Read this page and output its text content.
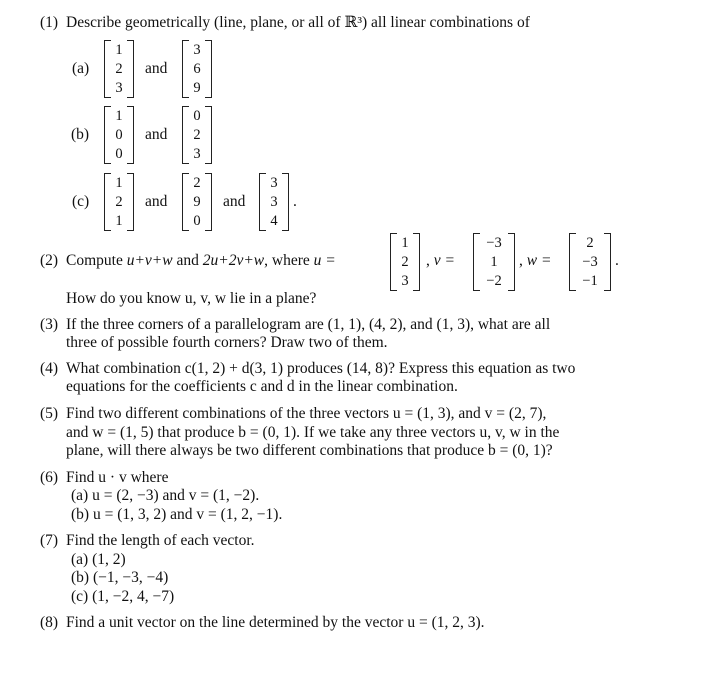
(1) Describe geometrically (line, plane, or all of ℝ³) all linear combinations of
(a)
1
2
3
and
3
6
9
(b)
1
0
0
and
0
2
3
(c)
1
2
1
and
2
9
0
and
3
3
4
.
(2) Compute u+v+w and 2u+2v+w, where u =
1
2
3
, v =
−3
1
−2
, w =
2
−3
−1
.
How do you know u, v, w lie in a plane?
(3) If the three corners of a parallelogram are (1, 1), (4, 2), and (1, 3), what are all
three of possible fourth corners? Draw two of them.
(4) What combination c(1, 2) + d(3, 1) produces (14, 8)? Express this equation as two
equations for the coefficients c and d in the linear combination.
(5) Find two different combinations of the three vectors u = (1, 3), and v = (2, 7),
and w = (1, 5) that produce b = (0, 1). If we take any three vectors u, v, w in the
plane, will there always be two different combinations that produce b = (0, 1)?
(6) Find u · v where
(a) u = (2, −3) and v = (1, −2).
(b) u = (1, 3, 2) and v = (1, 2, −1).
(7) Find the length of each vector.
(a) (1, 2)
(b) (−1, −3, −4)
(c) (1, −2, 4, −7)
(8) Find a unit vector on the line determined by the vector u = (1, 2, 3).
